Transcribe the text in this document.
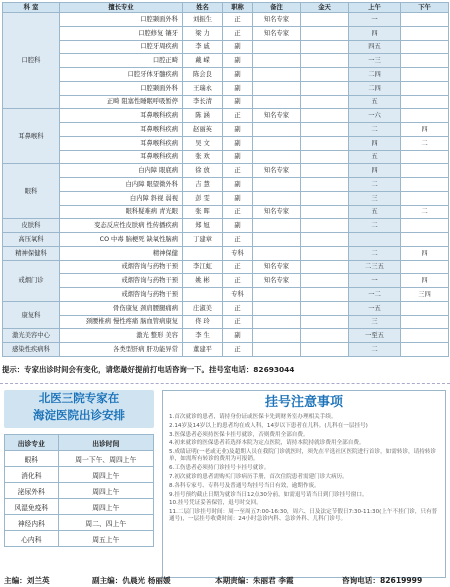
科 室	擅长专业	姓名	职称	备注	金天	上午	下午
口腔科	口腔颞面外科	刘振生	正	知名专家		一	
	口腔修复 镶牙	梁 力	正	知名专家		四	
	口腔牙周疾病	李 戚	副			四五	
	口腔正畸	戴 嵘	副			一三	
	口腔牙体牙髓疾病	陈会良	副			二四	
	口腔颞面外科	王瑞永	副			二四	
	正畸 阻塞性睡眠呼吸暂停	李长清	副			五	
耳鼻喉科	耳鼻喉科疾病	陈 涵	正	知名专家		一六	
	耳鼻喉科疾病	赵丽英	副			二	四
	耳鼻喉科疾病	吴 文	副			四	二
	耳鼻喉科疾病	张 欢	副			五	
眼科	白内障 眼底病	徐 放	正	知名专家		四	
	白内障 眼望微外科	吉 慧	副			二	
	白内障 斜视 弱视	彭 雯	副			三	
	眼科疑难病 青光眼	张 晖	正	知名专家		五	二
皮肤科	变态反应性皮肤病 性传播疾病	郑 旭	副			二	
高压氧科	CO 中毒 脑梗死 缺氧性脑病	丁建章	正				
精神保健科	精神保健		专科			二	四
戒烟门诊	戒烟咨询与药物干预	李江虹	正	知名专家		二三五	
	戒烟咨询与药物干预	姚 彬	正	知名专家		一	四
	戒烟咨询与药物干预		专科			一二	三四
康复科	骨伤康复 颈肩腰腿痛病	庄淑美	正			一五	
	颈腰椎病 慢性疼痛 脑血管病康复	佟 玲	正			三	
激光美容中心	激光 整形 美容	李 生	副			一至五	
感染性疾病科	各类型肝病 肝功能异常	董建平	正			二	
提示：专家出诊时间会有变化，请您最好提前打电话咨询一下。挂号室电话：82693044
北医三院专家在
海淀医院出诊安排
出诊专业	出诊时间
眼科	周一下午、周四上午
消化科	周四上午
泌尿外科	周四上午
风湿免疫科	周四上午
神经内科	周二、四上午
心内科	周五上午
挂号注意事项
1.首次就诊的患者，请持身份证或医保卡先到财务室办理相关手续。
2.14岁及14岁以上的患者均在成人科，14岁以下患者在儿科。(儿科在一层挂号)
3.医保患者必须持医保卡挂号就诊，否则费用全部自费。
4.初来就诊的医保患者若选择本院为定点医院，请持本院持就诊费用全部自费。
5.成绩证明(一老或无业)及超期人员在我院门诊就医时，须先在平选社区医院进行首诊，如需转诊，请持转诊单，如需所有转诊的费用为可报销。
6.工伤患者必须持门诊挂号卡挂号就诊。
7.初次就诊的患者需购买门诊病历手册，首次住院患者需建门诊大病历。
8.各科专家号、专科号及普通号均挂号当日有效，逾期作废。
9.挂号预约截止日期为就诊当日12点30分前，如需退号请当日到门诊挂号窗口。
10.挂号凭证妥善保管，退号时交回。
11.二层门诊挂号时间：周一至周五7:00-16:30，周六、日及法定节假日7:30-11:30(上午不挂门诊，只有普通号)，一层挂号收费时间：24小时急诊内科、急诊外科、儿科门诊号。
主编：刘兰英	副主编：仇晨光 杨丽媛	本期责编：朱丽君 李霞	咨询电话：82619999
